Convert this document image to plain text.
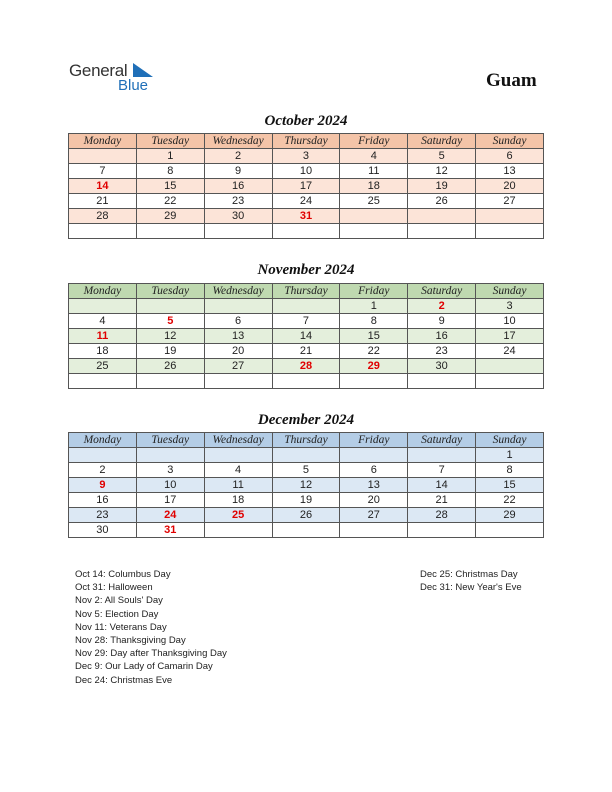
General
Blue	Guam
October 2024
Monday	Tuesday	Wednesday	Thursday	Friday	Saturday	Sunday
	1	2	3	4	5	6
7	8	9	10	11	12	13
14	15	16	17	18	19	20
21	22	23	24	25	26	27
28	29	30	31			

November 2024
Monday	Tuesday	Wednesday	Thursday	Friday	Saturday	Sunday
				1	2	3
4	5	6	7	8	9	10
11	12	13	14	15	16	17
18	19	20	21	22	23	24
25	26	27	28	29	30	

December 2024
Monday	Tuesday	Wednesday	Thursday	Friday	Saturday	Sunday
						1
2	3	4	5	6	7	8
9	10	11	12	13	14	15
16	17	18	19	20	21	22
23	24	25	26	27	28	29
30	31					
Oct 14: Columbus Day
Oct 31: Halloween
Nov 2: All Souls' Day
Nov 5: Election Day
Nov 11: Veterans Day
Nov 28: Thanksgiving Day
Nov 29: Day after Thanksgiving Day
Dec 9: Our Lady of Camarin Day
Dec 24: Christmas Eve
Dec 25: Christmas Day
Dec 31: New Year's Eve
